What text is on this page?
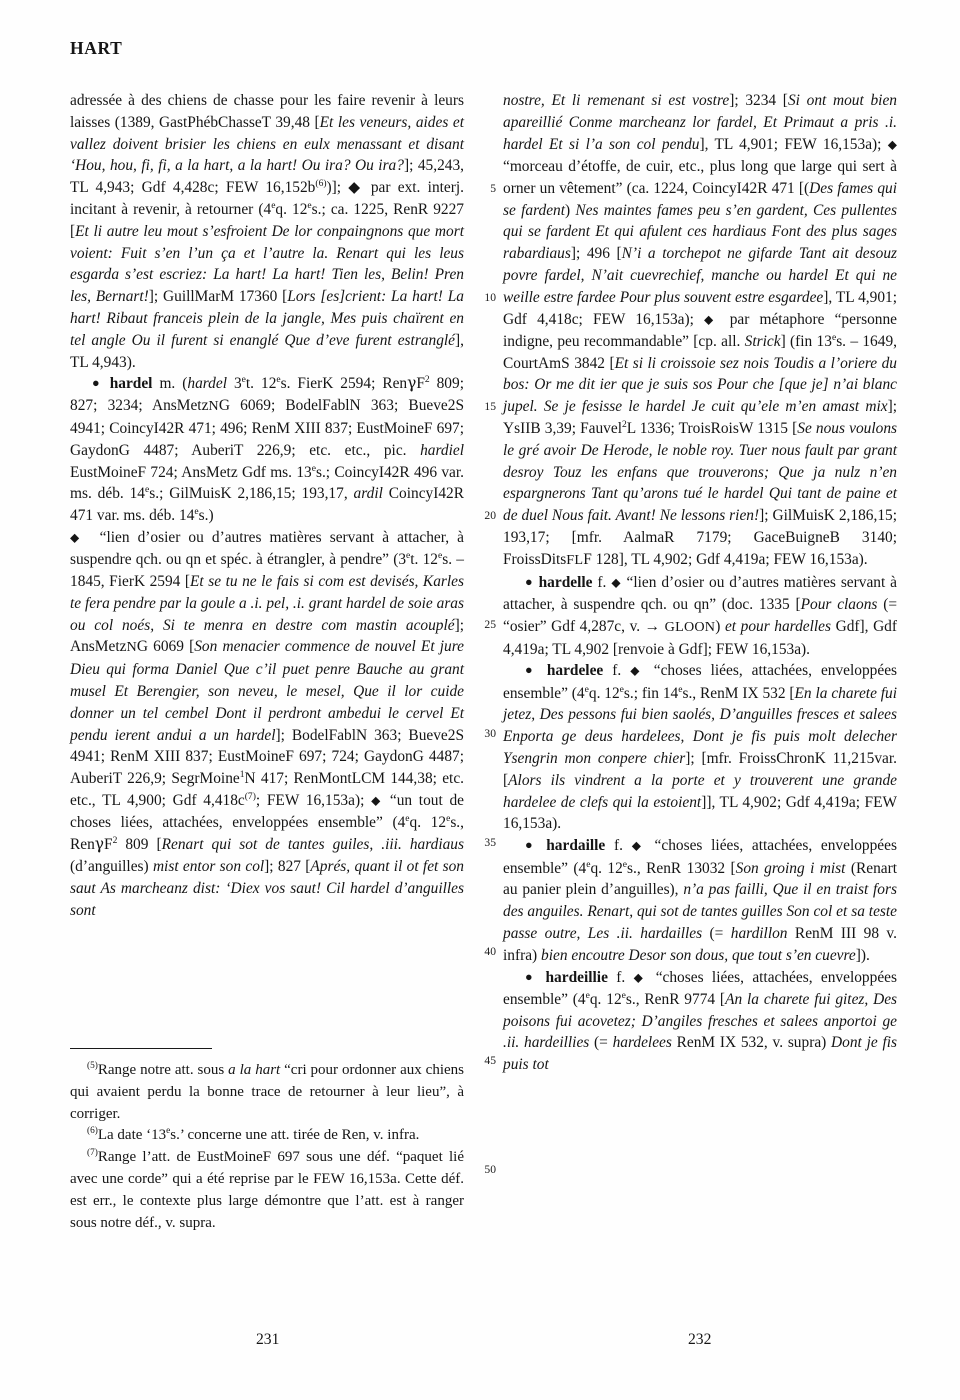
HART

adressée à des chiens de chasse pour les faire revenir à leurs laisses (1389, GastPhébChasseT 39,48 [Et les veneurs, aides et vallez doivent brisier les chiens en eulx menassant et disant ‘Hou, hou, fi, fi, a la hart, a la hart! Ou ira? Ou ira?]; 45,243, TL 4,943; Gdf 4,428c; FEW 16,152b$^{(6)}$)]; ◆ par ext. interj. incitant à revenir, à retourner (4eq. 12es.; ca. 1225, RenR 9227 [Et li autre leu mout s’esfroient De lor conpaingnons que mort voient: Fuit s’en l’un ça et l’autre la. Renart qui les leus esgarda s’est escriez: La hart! La hart! Tien les, Belin! Pren les, Bernart!]; GuillMarM 17360 [Lors [es]crient: La hart! La hart! Ribaut franceis plein de la jangle, Mes puis chaïrent en tel angle Ou il furent si enanglé Que d’eve furent estranglé], TL 4,943).

● hardel m. (hardel 3et. 12es. FierK 2594; RenγF$^2$ 809; 827; 3234; AnsMetzNG 6069; BodelFablN 363; Bueve2S 4941; CoincyI42R 471; 496; RenM XIII 837; EustMoineF 697; GaydonG 4487; AuberiT 226,9; etc. etc., pic. hardiel EustMoineF 724; AnsMetz Gdf ms. 13es.; CoincyI42R 496 var. ms. déb. 14es.; GilMuisK 2,186,15; 193,17, ardil CoincyI42R 471 var. ms. déb. 14es.)

◆ “lien d’osier ou d’autres matières servant à attacher, à suspendre qch. ou qn et spéc. à étrangler, à pendre” (3et. 12es. – 1845, FierK 2594 [Et se tu ne le fais si com est devisés, Karles te fera pendre par la goule a .i. pel, .i. grant hardel de soie aras ou col noés, Si te menra en destre com mastin acouplé]; AnsMetzNG 6069 [Son menacier commence de nouvel Et jure Dieu qui forma Daniel Que c’il puet penre Bauche au grant musel Et Berengier, son neveu, le mesel, Que il lor cuide donner un tel cembel Dont il perdront ambedui le cervel Et pendu ierent andui a un hardel]; BodelFablN 363; Bueve2S 4941; RenM XIII 837; EustMoineF 697; 724; GaydonG 4487; AuberiT 226,9; SegrMoine$^1$N 417; RenMontLCM 144,38; etc. etc., TL 4,900; Gdf 4,418c$^{(7)}$; FEW 16,153a); ◆ “un tout de choses liées, attachées, enveloppées ensemble” (4eq. 12es., RenγF$^2$ 809 [Renart qui sot de tantes guiles, .iii. hardiaus (d’anguilles) mist entor son col]; 827 [Aprés, quant il ot fet son saut As marcheanz dist: ‘Diex vos saut! Cil hardel d’anguilles sont

$^{(5)}$Range notre att. sous a la hart “cri pour ordonner aux chiens qui avaient perdu la bonne trace de retourner à leur lieu”, à corriger.

$^{(6)}$La date ‘13es.’ concerne une att. tirée de Ren, v. infra.

$^{(7)}$Range l’att. de EustMoineF 697 sous une déf. “paquet lié avec une corde” qui a été reprise par le FEW 16,153a. Cette déf. est err., le contexte plus large démontre que l’att. est à ranger sous notre déf., v. supra.

5
10
15
20
25
30
35
40
45
50

nostre, Et li remenant si est vostre]; 3234 [Si ont mout bien apareillié Conme marcheanz lor fardel, Et Primaut a pris .i. hardel Et si l’a son col pendu], TL 4,901; FEW 16,153a); ◆ “morceau d’étoffe, de cuir, etc., plus long que large qui sert à orner un vêtement” (ca. 1224, CoincyI42R 471 [(Des fames qui se fardent) Nes maintes fames peu s’en gardent, Ces pullentes qui se fardent Et qui afulent ces hardiaus Font des plus sages rabardiaus]; 496 [N’i a torchepot ne gifarde Tant ait desouz povre fardel, N’ait cuevrechief, manche ou hardel Et qui ne weille estre fardee Pour plus souvent estre esgardee], TL 4,901; Gdf 4,418c; FEW 16,153a); ◆ par métaphore “personne indigne, peu recommandable” [cp. all. Strick] (fin 13es. – 1649, CourtAmS 3842 [Et si li croissoie sez nois Toudis a l’oriere du bos: Or me dit ier que je suis sos Pour che [que je] n’ai blanc jupel. Se je fesisse le hardel Je cuit qu’ele m’en amast mix]; YsIIB 3,39; Fauvel$^2$L 1336; TroisRoisW 1315 [Se nous voulons le gré avoir De Herode, le noble roy. Tuer nous fault par grant desroy Touz les enfans que trouverons; Que ja nulz n’en espargnerons Tant qu’arons tué le hardel Qui tant de paine et de duel Nous fait. Avant! Ne lessons rien!]; GilMuisK 2,186,15; 193,17; [mfr. AalmaR 7179; GaceBuigneB 3140; FroissDitsFLF 128], TL 4,902; Gdf 4,419a; FEW 16,153a).

● hardelle f. ◆ “lien d’osier ou d’autres matières servant à attacher, à suspendre qch. ou qn” (doc. 1335 [Pour claons (= “osier” Gdf 4,287c, v. → GLOON) et pour hardelles Gdf], Gdf 4,419a; TL 4,902 [renvoie à Gdf]; FEW 16,153a).

● hardelee f. ◆ “choses liées, attachées, enveloppées ensemble” (4eq. 12es.; fin 14es., RenM IX 532 [En la charete fui jetez, Des pessons fui bien saolés, D’anguilles fresces et salees Enporta ge deus hardelees, Dont je fis puis molt delecher Ysengrin mon conpere chier]; [mfr. FroissChronK 11,215var. [Alors ils vindrent a la porte et y trouverent une grande hardelee de clefs qui la estoient]], TL 4,902; Gdf 4,419a; FEW 16,153a).

● hardaille f. ◆ “choses liées, attachées, enveloppées ensemble” (4eq. 12es., RenR 13032 [Son groing i mist (Renart au panier plein d’anguilles), n’a pas failli, Que il en traist fors des anguiles. Renart, qui sot de tantes guilles Son col et sa teste passe outre, Les .ii. hardailles (= hardillon RenM III 98 v. infra) bien encoutre Desor son dous, que tout s’en cuevre]).

● hardeillie f. ◆ “choses liées, attachées, enveloppées ensemble” (4eq. 12es., RenR 9774 [An la charete fui gitez, Des poisons fui acovetez; D’angiles fresches et salees anportoi ge .ii. hardeillies (= hardelees RenM IX 532, v. supra) Dont je fis puis tot

231	232
